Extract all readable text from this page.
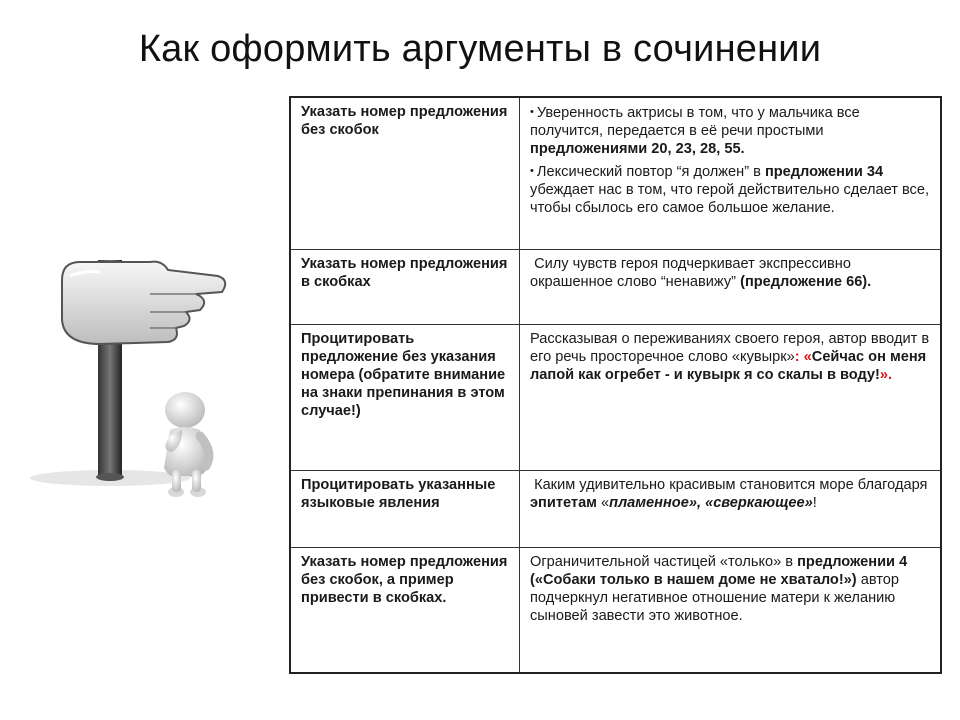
Как оформить аргументы в сочинении
Указать номер предложения без скобок	• Уверенность актрисы в том, что у мальчика все получится, передается в её речи простыми предложениями 20, 23, 28, 55.
• Лексический повтор “я должен” в предложении 34 убеждает нас в том, что герой действительно сделает все, чтобы сбылось его самое большое желание.

Указать номер предложения в скобках	Силу чувств героя подчеркивает экспрессивно окрашенное слово “ненавижу” (предложение 66).

Процитировать предложение без указания номера (обратите внимание на знаки препинания в этом случае!)	Рассказывая о переживаниях своего героя, автор вводит в его речь просторечное слово «кувырк»: «Сейчас он меня лапой как огребет - и кувырк я со скалы в воду!».

Процитировать указанные языковые явления	Каким удивительно красивым становится море благодаря эпитетам «пламенное», «сверкающее»!

Указать номер предложения без скобок, а пример привести в скобках.	Ограничительной частицей «только» в предложении 4 («Собаки только в нашем доме не хватало!») автор подчеркнул негативное отношение матери к желанию сыновей завести это животное.
